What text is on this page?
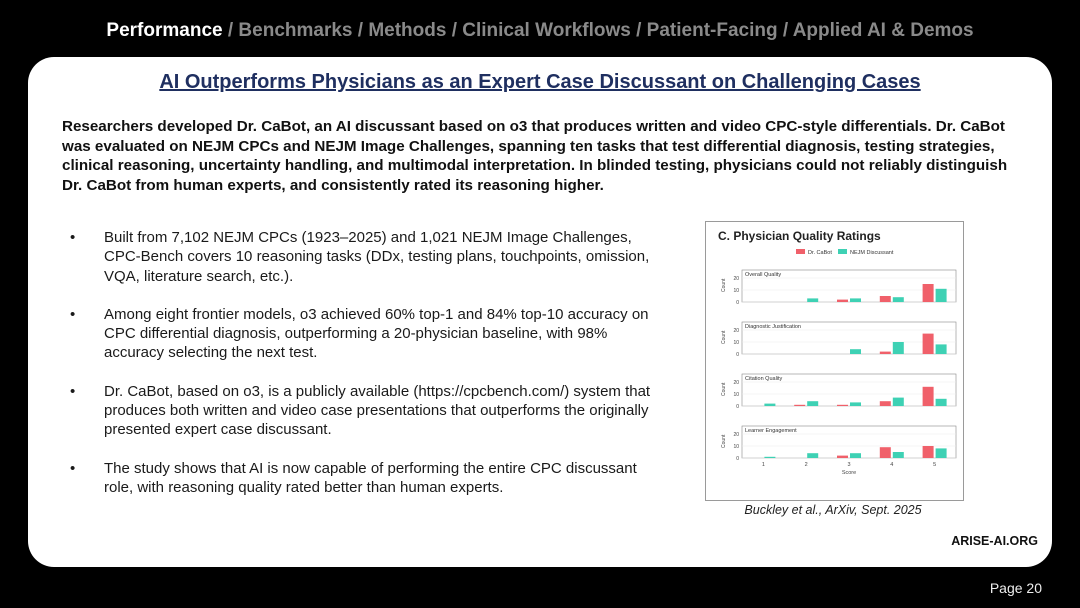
Performance / Benchmarks / Methods / Clinical Workflows / Patient-Facing / Applied AI & Demos
AI Outperforms Physicians as an Expert Case Discussant on Challenging Cases
Researchers developed Dr. CaBot, an AI discussant based on o3 that produces written and video CPC-style differentials. Dr. CaBot was evaluated on NEJM CPCs and NEJM Image Challenges, spanning ten tasks that test differential diagnosis, testing strategies, clinical reasoning, uncertainty handling, and multimodal interpretation. In blinded testing, physicians could not reliably distinguish Dr. CaBot from human experts, and consistently rated its reasoning higher.
• Built from 7,102 NEJM CPCs (1923–2025) and 1,021 NEJM Image Challenges, CPC-Bench covers 10 reasoning tasks (DDx, testing plans, touchpoints, omission, VQA, literature search, etc.).
• Among eight frontier models, o3 achieved 60% top-1 and 84% top-10 accuracy on CPC differential diagnosis, outperforming a 20-physician baseline, with 98% accuracy selecting the next test.
• Dr. CaBot, based on o3, is a publicly available (https://cpcbench.com/) system that produces both written and video case presentations that outperforms the originally presented expert case discussant.
• The study shows that AI is now capable of performing the entire CPC discussant role, with reasoning quality rated better than human experts.
C. Physician Quality Ratings
Dr. CaBot	NEJM Discussant
Overall Quality
0
10
20
Count
Diagnostic Justification
0
10
20
Count
Citation Quality
0
10
20
Count
Learner Engagement
0
10
20
Count
1	2	3	4	5
Score
Buckley et al., ArXiv, Sept. 2025
ARISE-AI.ORG
Page 20
